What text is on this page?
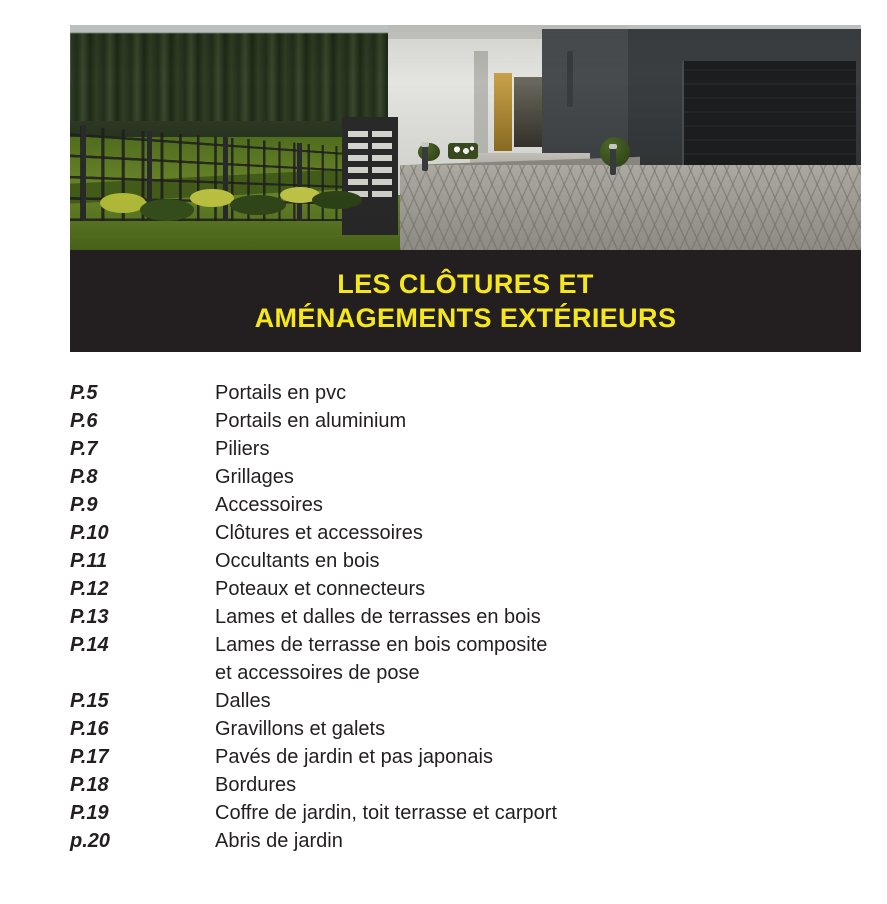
LES CLÔTURES ET
AMÉNAGEMENTS EXTÉRIEURS
P.5	Portails en pvc
P.6	Portails en aluminium
P.7	Piliers
P.8	Grillages
P.9	Accessoires
P.10	Clôtures et accessoires
P.11	Occultants en bois
P.12	Poteaux et connecteurs
P.13	Lames et dalles de terrasses en bois
P.14	Lames de terrasse en bois composite
et accessoires de pose
P.15	Dalles
P.16	Gravillons et galets
P.17	Pavés de jardin et pas japonais
P.18	Bordures
P.19	Coffre de jardin, toit terrasse et carport
p.20	Abris de jardin
